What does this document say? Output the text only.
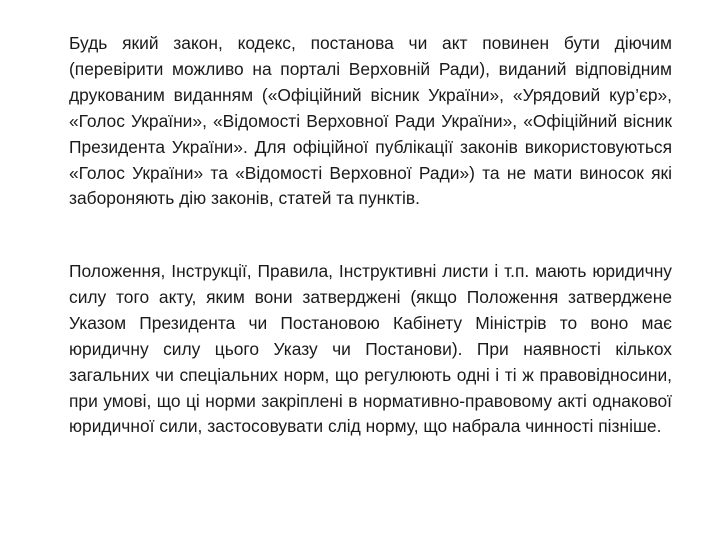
Будь який закон, кодекс, постанова чи акт повинен бути діючим (перевірити можливо на порталі Верховній Ради), виданий відповідним друкованим виданням («Офіційний вісник України», «Урядовий кур’єр», «Голос України», «Відомості Верховної Ради України», «Офіційний вісник Президента України». Для офіційної публікації законів використовуються «Голос України» та «Відомості Верховної Ради») та не мати виносок які забороняють дію законів, статей та пунктів.

Положення, Інструкції, Правила, Інструктивні листи і т.п. мають юридичну силу того акту, яким вони затверджені (якщо Положення затверджене Указом Президента чи Постановою Кабінету Міністрів то воно має юридичну силу цього Указу чи Постанови). При наявності кількох загальних чи спеціальних норм, що регулюють одні і ті ж правовідносини, при умові, що ці норми закріплені в нормативно-правовому акті однакової юридичної сили, застосовувати слід норму, що набрала чинності пізніше.
